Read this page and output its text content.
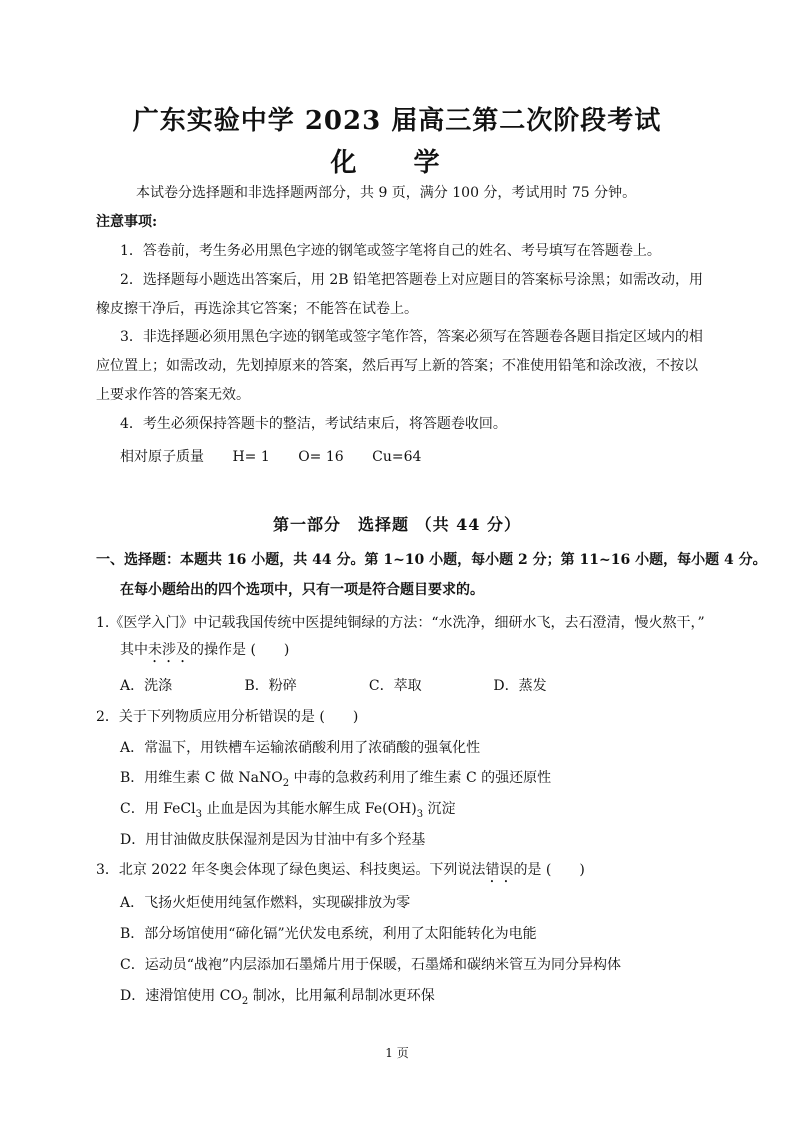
广东实验中学 2023 届高三第二次阶段考试
化 学
本试卷分选择题和非选择题两部分，共 9 页，满分 100 分，考试用时 75 分钟。
注意事项:
1．答卷前，考生务必用黑色字迹的钢笔或签字笔将自己的姓名、考号填写在答题卷上。
2．选择题每小题选出答案后，用 2B 铅笔把答题卷上对应题目的答案标号涂黑；如需改动，用
橡皮擦干净后，再选涂其它答案；不能答在试卷上。
3．非选择题必须用黑色字迹的钢笔或签字笔作答，答案必须写在答题卷各题目指定区域内的相
应位置上；如需改动，先划掉原来的答案，然后再写上新的答案；不准使用铅笔和涂改液，不按以
上要求作答的答案无效。
4．考生必须保持答题卡的整洁，考试结束后，将答题卷收回。
相对原子质量 H= 1 O= 16 Cu=64
第一部分　选择题 （共 44 分）
一、选择题：本题共 16 小题，共 44 分。第 1~10 小题，每小题 2 分；第 11~16 小题，每小题 4 分。
在每小题给出的四个选项中，只有一项是符合题目要求的。
1.《医学入门》中记载我国传统中医提纯铜绿的方法：“水洗净，细研水飞，去石澄清，慢火熬干，”
其中未涉及的操作是 (　　)
A．洗涤	B．粉碎	C．萃取	D．蒸发
2．关于下列物质应用分析错误的是 (　　)
A．常温下，用铁槽车运输浓硝酸利用了浓硝酸的强氧化性
B．用维生素 C 做 NaNO$_2$ 中毒的急救药利用了维生素 C 的强还原性
C．用 FeCl$_3$ 止血是因为其能水解生成 $Fe(OH)_3$ 沉淀
D．用甘油做皮肤保湿剂是因为甘油中有多个羟基
3．北京 2022 年冬奥会体现了绿色奥运、科技奥运。下列说法错误的是 (　　)
A．飞扬火炬使用纯氢作燃料，实现碳排放为零
B．部分场馆使用“碲化镉”光伏发电系统，利用了太阳能转化为电能
C．运动员“战袍”内层添加石墨烯片用于保暖，石墨烯和碳纳米管互为同分异构体
D．速滑馆使用 $CO_2$ 制冰，比用氟利昂制冰更环保
1 页
